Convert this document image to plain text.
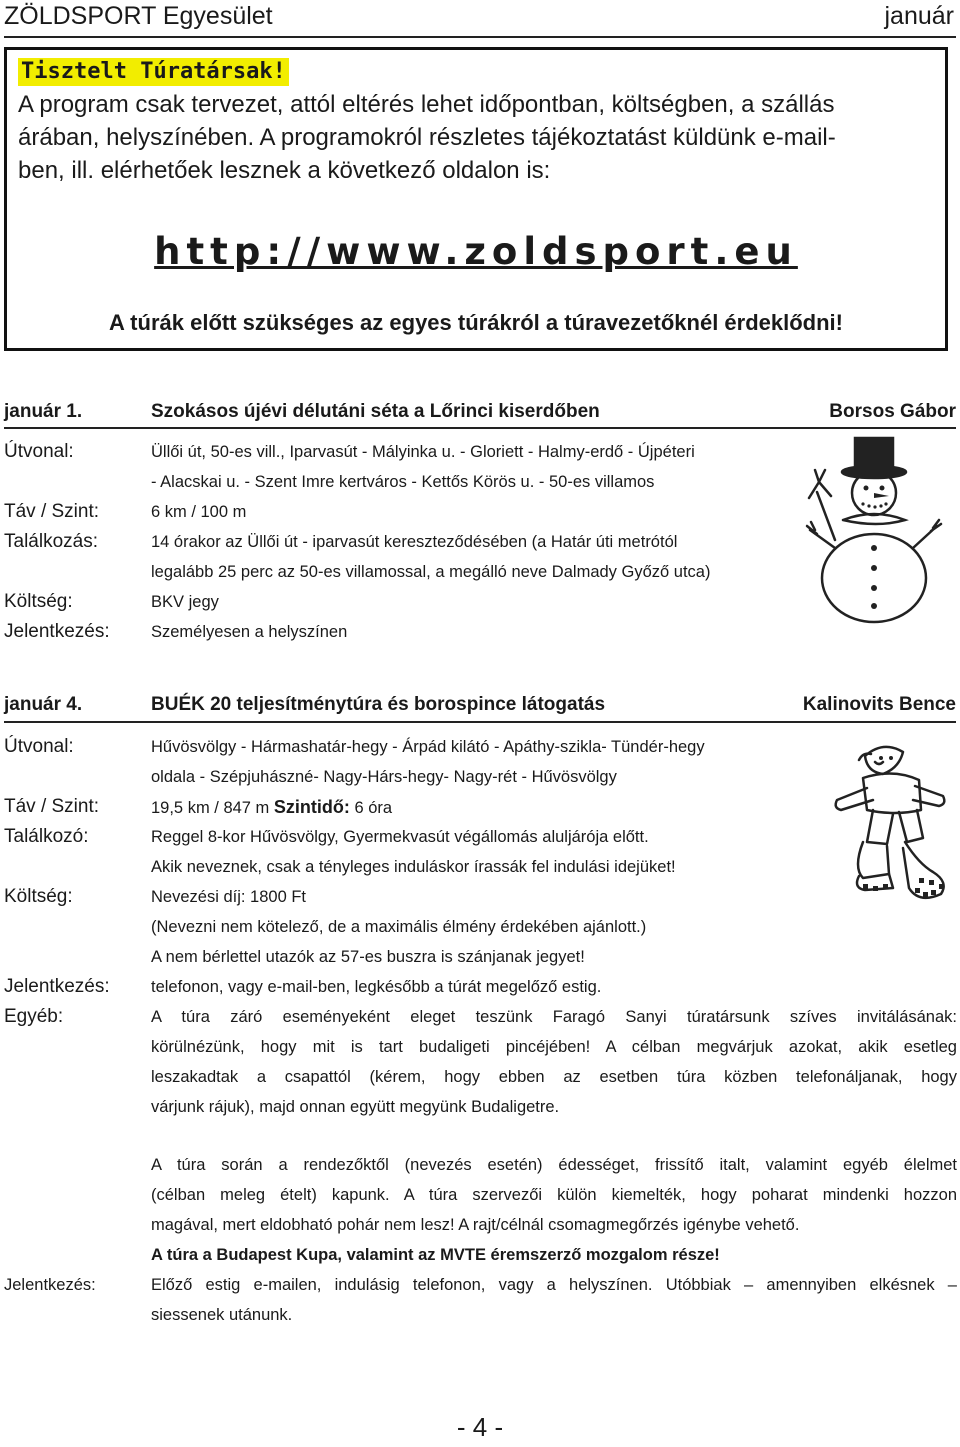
ZÖLDSPORT Egyesület	január
Tisztelt Túratársak!
A program csak tervezet, attól eltérés lehet időpontban, költségben, a szállás
árában, helyszínében. A programokról részletes tájékoztatást küldünk e-mail-
ben, ill. elérhetőek lesznek a következő oldalon is:
http://www.zoldsport.eu
A túrák előtt szükséges az egyes túrákról a túravezetőknél érdeklődni!
január 1.	Szokásos újévi délutáni séta a Lőrinci kiserdőben	Borsos Gábor
Útvonal:	Üllői út, 50-es vill., Iparvasút - Mályinka u. - Gloriett - Halmy-erdő - Újpéteri
- Alacskai u. - Szent Imre kertváros - Kettős Körös u. - 50-es villamos
Táv / Szint:	6 km / 100 m
Találkozás:	14 órakor az Üllői út - iparvasút kereszteződésében (a Határ úti metrótól
legalább 25 perc az 50-es villamossal, a megálló neve Dalmady Győző utca)
Költség:	BKV jegy
Jelentkezés:	Személyesen a helyszínen
január 4.	BUÉK 20 teljesítménytúra és borospince látogatás	Kalinovits Bence
Útvonal:	Hűvösvölgy - Hármashatár-hegy - Árpád kilátó - Apáthy-szikla- Tündér-hegy
oldala - Szépjuhászné- Nagy-Hárs-hegy- Nagy-rét - Hűvösvölgy
Táv / Szint:	19,5 km / 847 m Szintidő: 6 óra
Találkozó:	Reggel 8-kor Hűvösvölgy, Gyermekvasút végállomás aluljárója előtt.
Akik neveznek, csak a tényleges induláskor írassák fel indulási idejüket!
Költség:	Nevezési díj: 1800 Ft
(Nevezni nem kötelező, de a maximális élmény érdekében ajánlott.)
A nem bérlettel utazók az 57-es buszra is szánjanak jegyet!
Jelentkezés:	telefonon, vagy e-mail-ben, legkésőbb a túrát megelőző estig.
Egyéb:	A túra záró eseményeként eleget teszünk Faragó Sanyi túratársunk szíves invitálásának:
körülnézünk, hogy mit is tart budaligeti pincéjében! A célban megvárjuk azokat, akik esetleg
leszakadtak a csapattól (kérem, hogy ebben az esetben túra közben telefonáljanak, hogy
várjunk rájuk), majd onnan együtt megyünk Budaligetre.
A túra során a rendezőktől (nevezés esetén) édességet, frissítő italt, valamint egyéb élelmet
(célban meleg ételt) kapunk. A túra szervezői külön kiemelték, hogy poharat mindenki hozzon
magával, mert eldobható pohár nem lesz! A rajt/célnál csomagmegőrzés igénybe vehető.
A túra a Budapest Kupa, valamint az MVTE éremszerző mozgalom része!
Jelentkezés:	Előző estig e-mailen, indulásig telefonon, vagy a helyszínen. Utóbbiak – amennyiben elkésnek –
siessenek utánunk.
- 4 -
